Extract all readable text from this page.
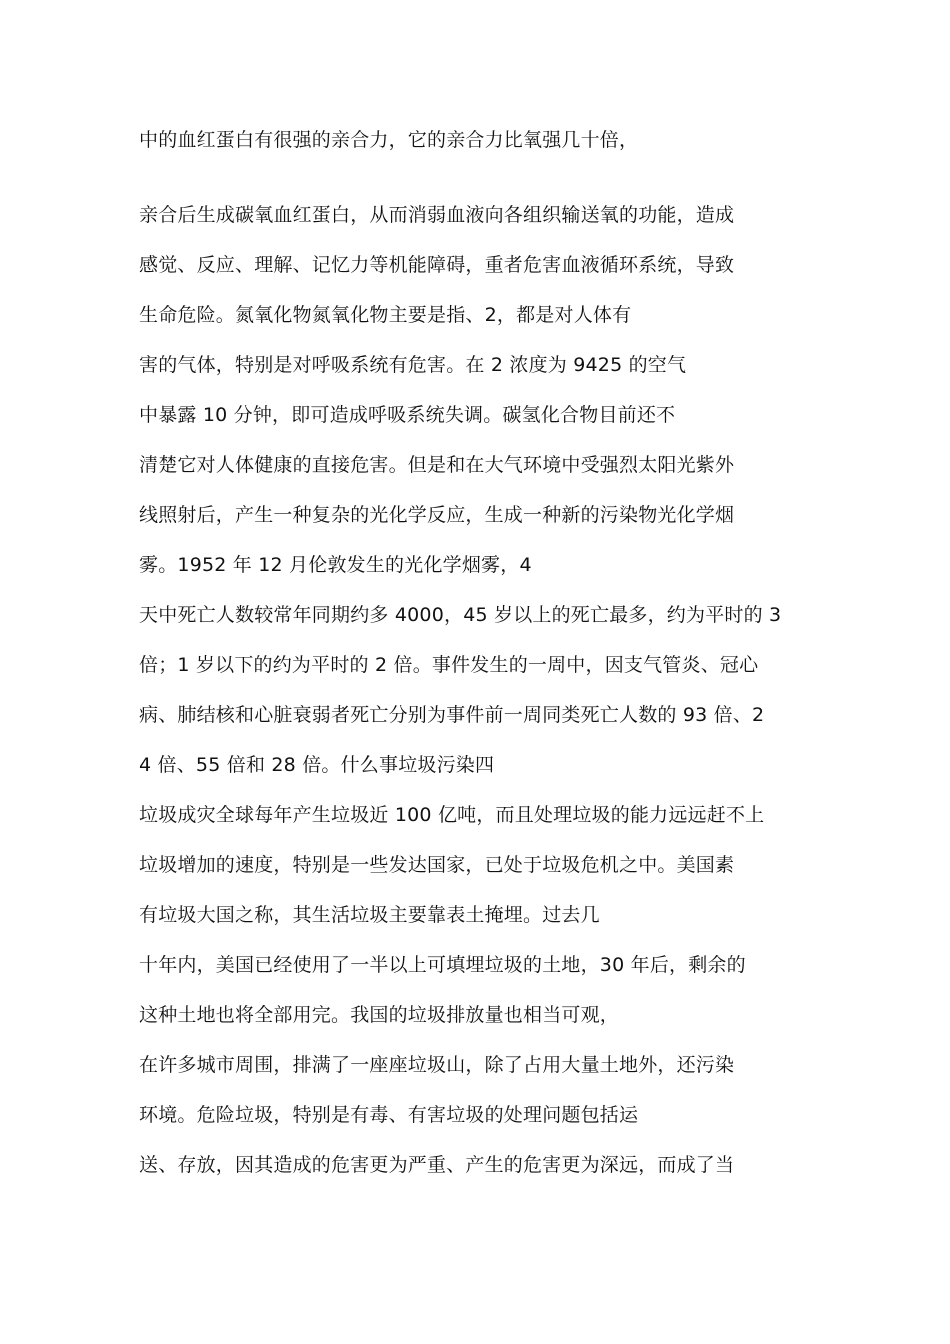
中的血红蛋白有很强的亲合力，它的亲合力比氧强几十倍，
亲合后生成碳氧血红蛋白，从而消弱血液向各组织输送氧的功能，造成
感觉、反应、理解、记忆力等机能障碍，重者危害血液循环系统，导致
生命危险。氮氧化物氮氧化物主要是指、2，都是对人体有
害的气体，特别是对呼吸系统有危害。在 2 浓度为 9425 的空气
中暴露 10 分钟，即可造成呼吸系统失调。碳氢化合物目前还不
清楚它对人体健康的直接危害。但是和在大气环境中受强烈太阳光紫外
线照射后，产生一种复杂的光化学反应，生成一种新的污染物光化学烟
雾。1952 年 12 月伦敦发生的光化学烟雾，4
天中死亡人数较常年同期约多 4000，45 岁以上的死亡最多，约为平时的 3
倍；1 岁以下的约为平时的 2 倍。事件发生的一周中，因支气管炎、冠心
病、肺结核和心脏衰弱者死亡分别为事件前一周同类死亡人数的 93 倍、2
4 倍、55 倍和 28 倍。什么事垃圾污染四
垃圾成灾全球每年产生垃圾近 100 亿吨，而且处理垃圾的能力远远赶不上
垃圾增加的速度，特别是一些发达国家，已处于垃圾危机之中。美国素
有垃圾大国之称，其生活垃圾主要靠表土掩埋。过去几
十年内，美国已经使用了一半以上可填埋垃圾的土地，30 年后，剩余的
这种土地也将全部用完。我国的垃圾排放量也相当可观，
在许多城市周围，排满了一座座垃圾山，除了占用大量土地外，还污染
环境。危险垃圾，特别是有毒、有害垃圾的处理问题包括运
送、存放，因其造成的危害更为严重、产生的危害更为深远，而成了当
